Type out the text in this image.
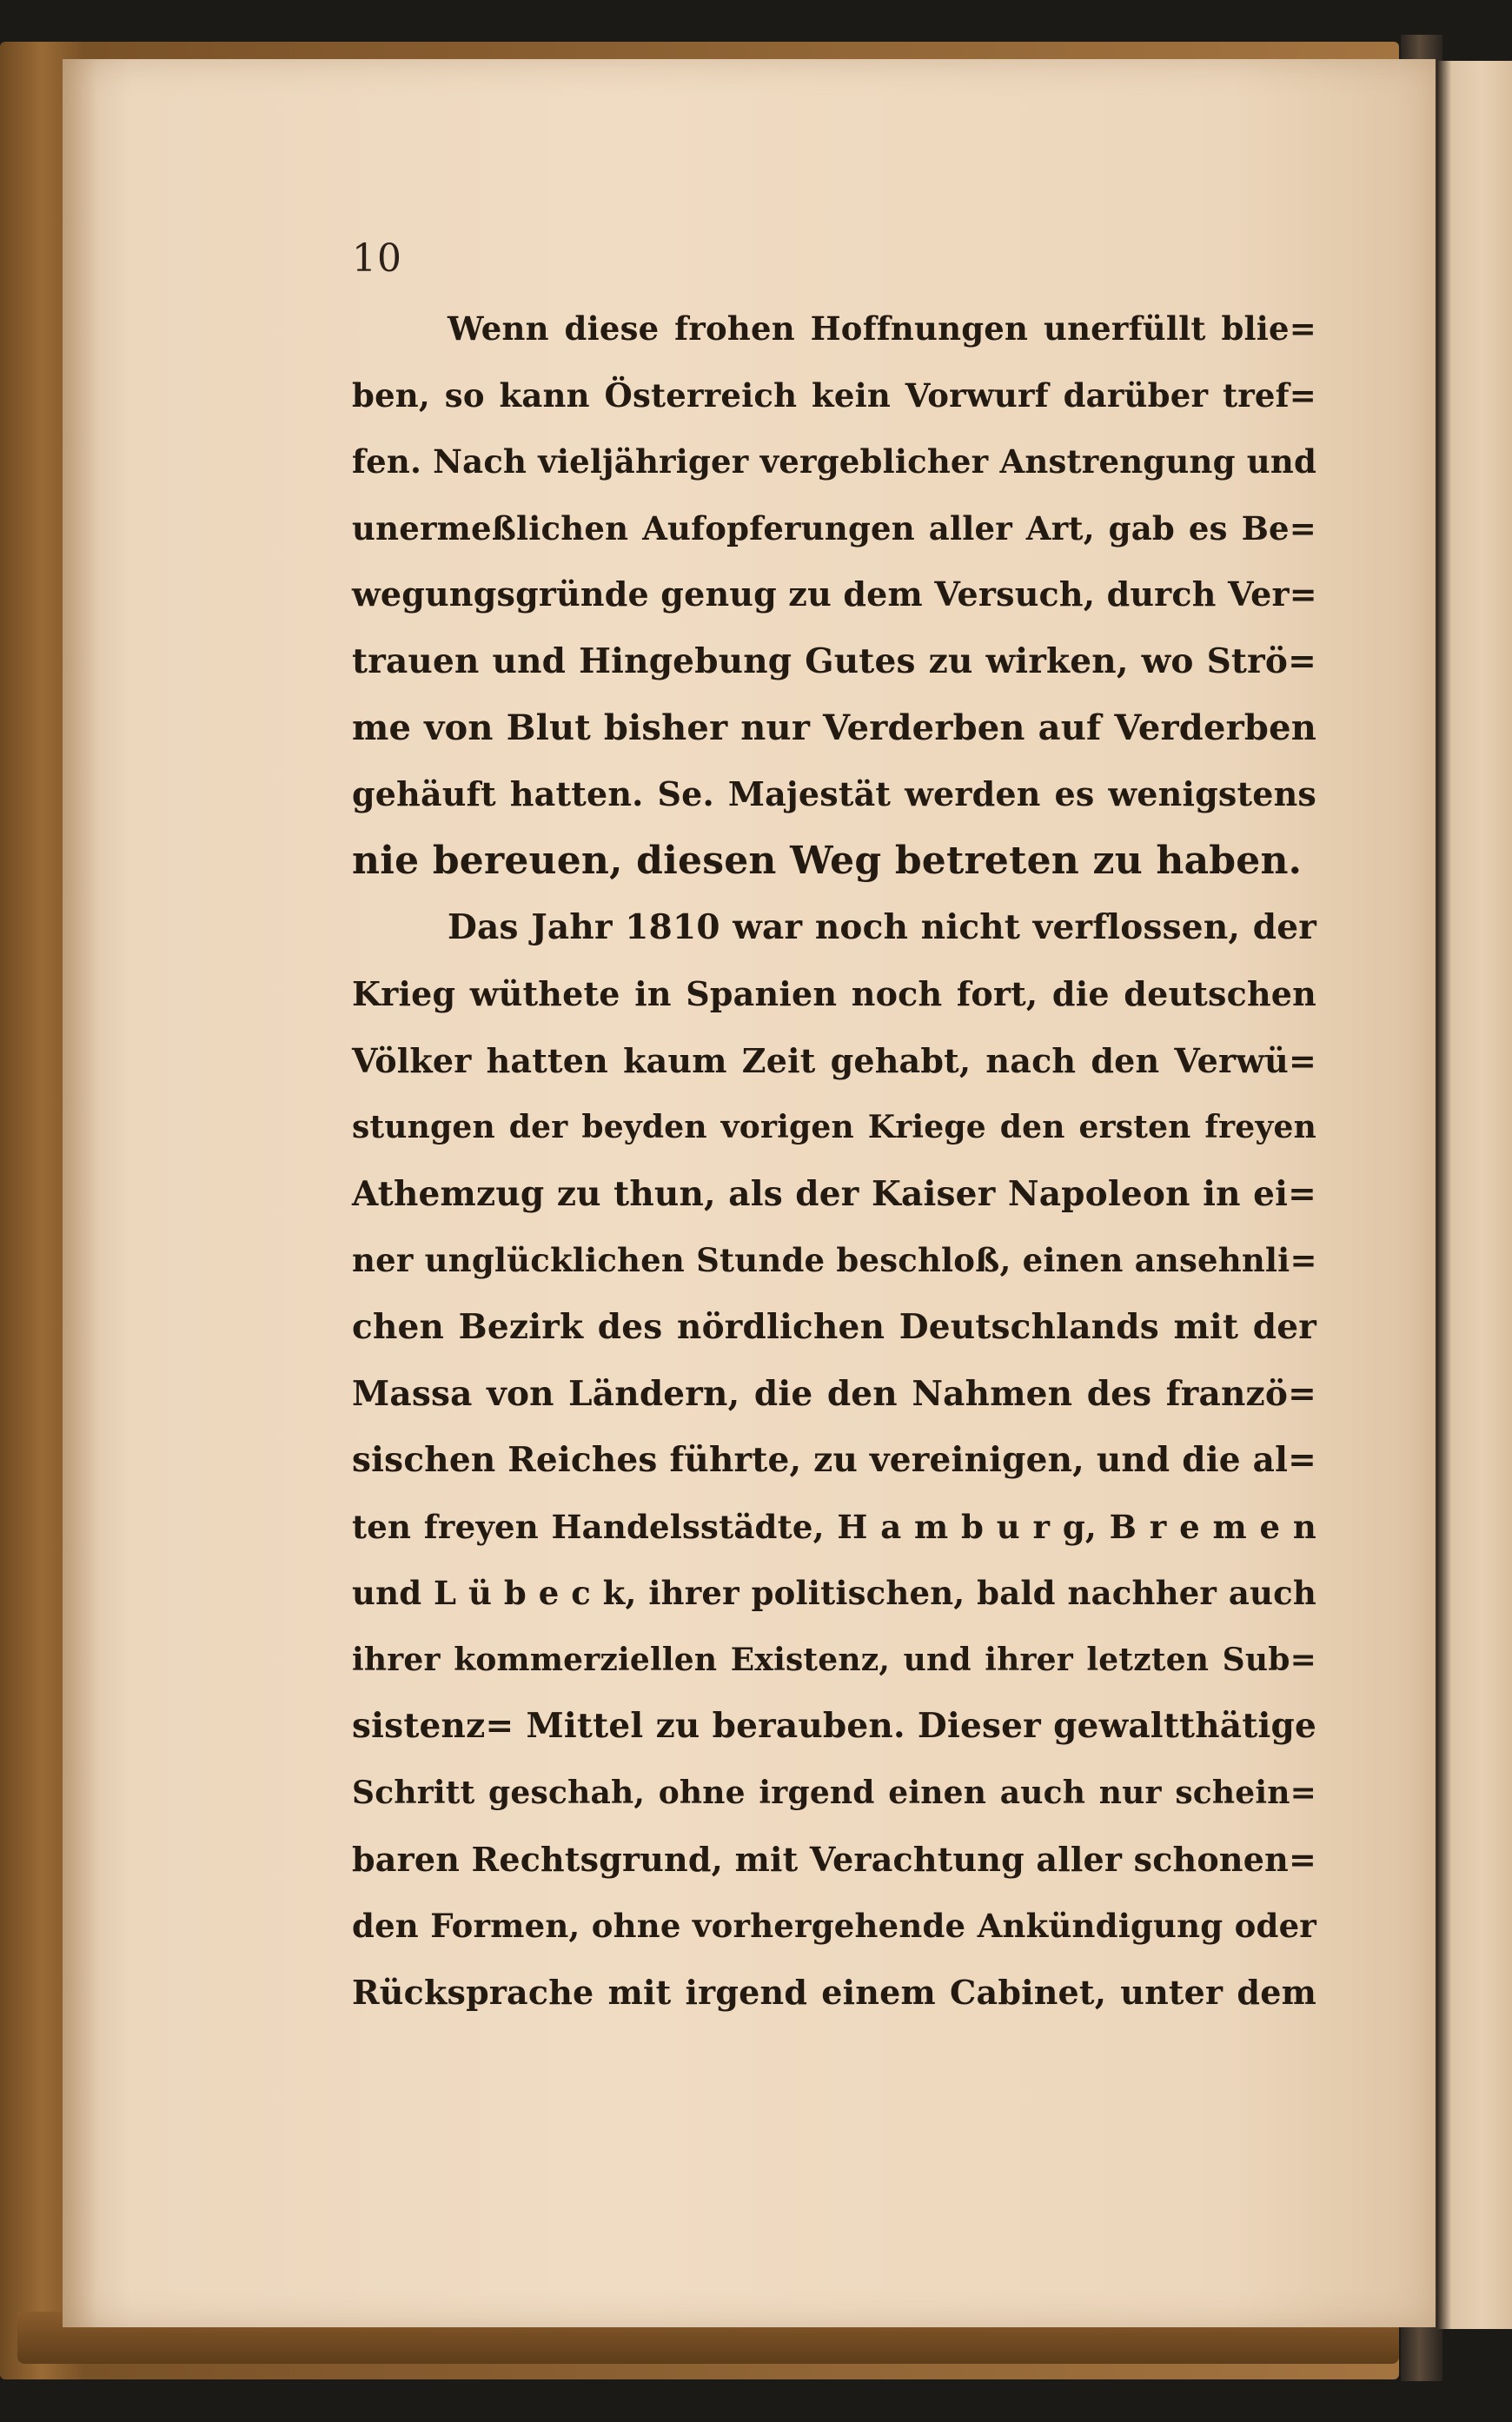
10
Wenn diese frohen Hoffnungen unerfüllt blie=
ben, so kann Österreich kein Vorwurf darüber tref=
fen. Nach vieljähriger vergeblicher Anstrengung und
unermeßlichen Aufopferungen aller Art, gab es Be=
wegungsgründe genug zu dem Versuch, durch Ver=
trauen und Hingebung Gutes zu wirken, wo Strö=
me von Blut bisher nur Verderben auf Verderben
gehäuft hatten. Se. Majestät werden es wenigstens
nie bereuen, diesen Weg betreten zu haben.
Das Jahr 1810 war noch nicht verflossen, der
Krieg wüthete in Spanien noch fort, die deutschen
Völker hatten kaum Zeit gehabt, nach den Verwü=
stungen der beyden vorigen Kriege den ersten freyen
Athemzug zu thun, als der Kaiser Napoleon in ei=
ner unglücklichen Stunde beschloß, einen ansehnli=
chen Bezirk des nördlichen Deutschlands mit der
Massa von Ländern, die den Nahmen des franzö=
sischen Reiches führte, zu vereinigen, und die al=
ten freyen Handelsstädte, H a m b u r g, B r e m e n
und L ü b e c k, ihrer politischen, bald nachher auch
ihrer kommerziellen Existenz, und ihrer letzten Sub=
sistenz= Mittel zu berauben. Dieser gewaltthätige
Schritt geschah, ohne irgend einen auch nur schein=
baren Rechtsgrund, mit Verachtung aller schonen=
den Formen, ohne vorhergehende Ankündigung oder
Rücksprache mit irgend einem Cabinet, unter dem
